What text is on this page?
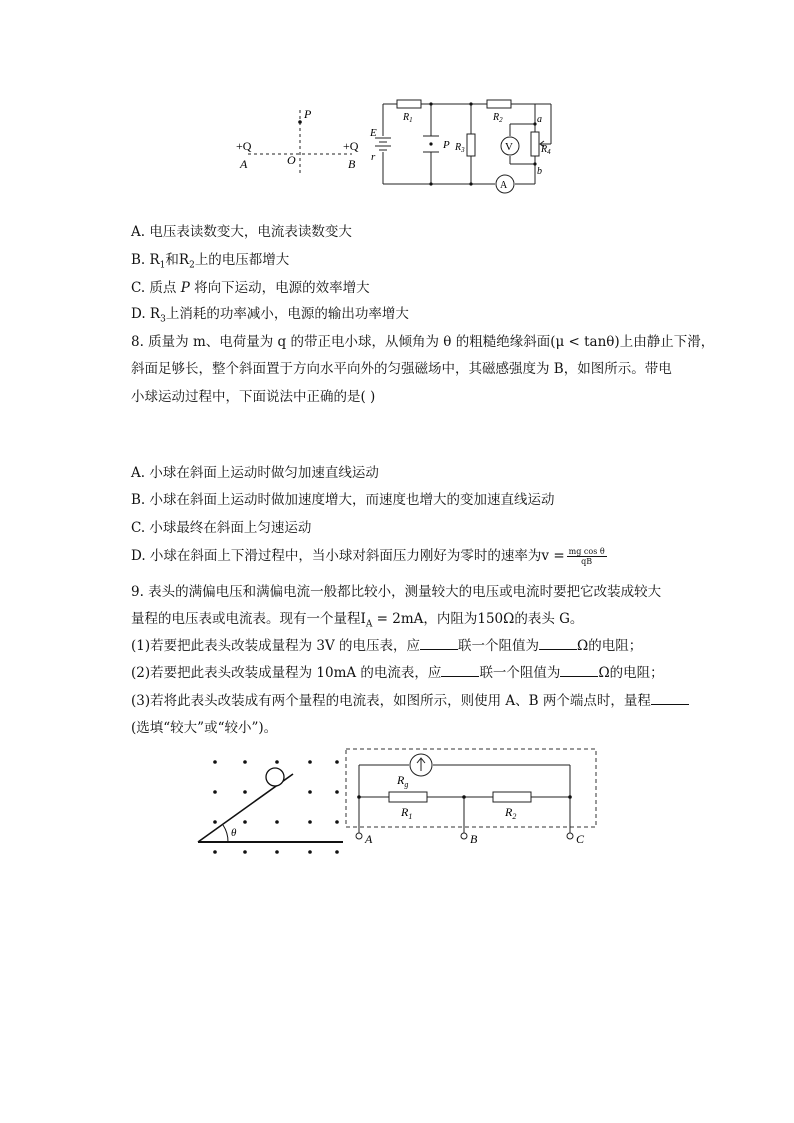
P
+Q
A	O
+Q
B
E
r
$R_1$	$R_2$
$R_3$	$R_4$
P	V
A
a
b
A. 电压表读数变大，电流表读数变大
B. $R_1$和$R_2$上的电压都增大
C. 质点 P 将向下运动，电源的效率增大
D. $R_3$上消耗的功率减小，电源的输出功率增大
8. 质量为 m、电荷量为 q 的带正电小球，从倾角为 θ 的粗糙绝缘斜面(μ < tanθ)上由静止下滑，
斜面足够长，整个斜面置于方向水平向外的匀强磁场中，其磁感强度为 B，如图所示。带电
小球运动过程中，下面说法中正确的是( )
A. 小球在斜面上运动时做匀加速直线运动
B. 小球在斜面上运动时做加速度增大，而速度也增大的变加速直线运动
C. 小球最终在斜面上匀速运动
D. 小球在斜面上下滑过程中，当小球对斜面压力刚好为零时的速率为$v = \frac{\text{mg cos θ}}{qB}$
9. 表头的满偏电压和满偏电流一般都比较小，测量较大的电压或电流时要把它改装成较大
量程的电压表或电流表。现有一个量程$I_A = 2mA$，内阻为150Ω的表头 G。
(1)若要把此表头改装成量程为 3V 的电压表，应	联一个阻值为	Ω的电阻；
(2)若要把此表头改装成量程为 10mA 的电流表，应	联一个阻值为	Ω的电阻；
(3)若将此表头改装成有两个量程的电流表，如图所示，则使用 A、B 两个端点时，量程
(选填“较大”或“较小”)。
θ
$R_g$
$R_1$	$R_2$
A	B	C
